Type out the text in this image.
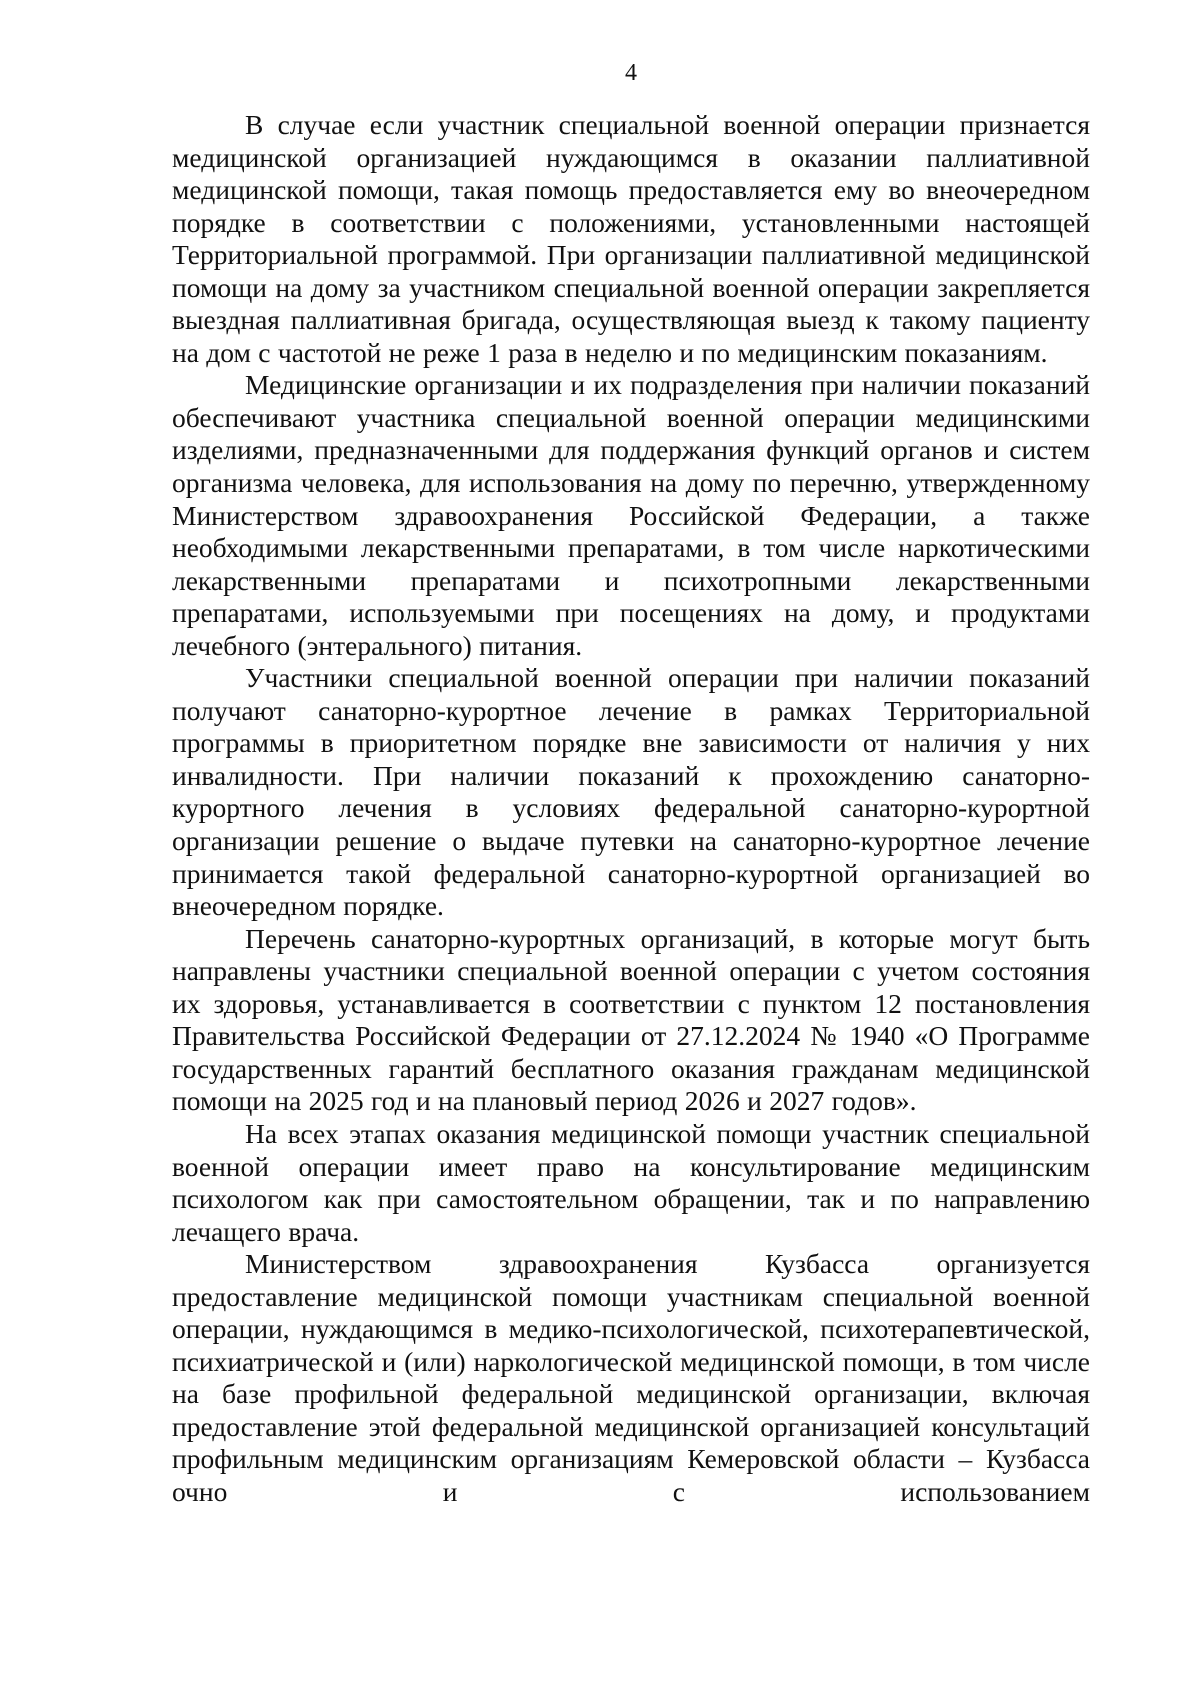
4

В случае если участник специальной военной операции признается медицинской организацией нуждающимся в оказании паллиативной медицинской помощи, такая помощь предоставляется ему во внеочередном порядке в соответствии с положениями, установленными настоящей Территориальной программой. При организации паллиативной медицинской помощи на дому за участником специальной военной операции закрепляется выездная паллиативная бригада, осуществляющая выезд к такому пациенту на дом с частотой не реже 1 раза в неделю и по медицинским показаниям.

Медицинские организации и их подразделения при наличии показаний обеспечивают участника специальной военной операции медицинскими изделиями, предназначенными для поддержания функций органов и систем организма человека, для использования на дому по перечню, утвержденному Министерством здравоохранения Российской Федерации, а также необходимыми лекарственными препаратами, в том числе наркотическими лекарственными препаратами и психотропными лекарственными препаратами, используемыми при посещениях на дому, и продуктами лечебного (энтерального) питания.

Участники специальной военной операции при наличии показаний получают санаторно-курортное лечение в рамках Территориальной программы в приоритетном порядке вне зависимости от наличия у них инвалидности. При наличии показаний к прохождению санаторно-курортного лечения в условиях федеральной санаторно-курортной организации решение о выдаче путевки на санаторно-курортное лечение принимается такой федеральной санаторно-курортной организацией во внеочередном порядке.

Перечень санаторно-курортных организаций, в которые могут быть направлены участники специальной военной операции с учетом состояния их здоровья, устанавливается в соответствии с пунктом 12 постановления Правительства Российской Федерации от 27.12.2024 № 1940 «О Программе государственных гарантий бесплатного оказания гражданам медицинской помощи на 2025 год и на плановый период 2026 и 2027 годов».

На всех этапах оказания медицинской помощи участник специальной военной операции имеет право на консультирование медицинским психологом как при самостоятельном обращении, так и по направлению лечащего врача.

Министерством здравоохранения Кузбасса организуется предоставление медицинской помощи участникам специальной военной операции, нуждающимся в медико-психологической, психотерапевтической, психиатрической и (или) наркологической медицинской помощи, в том числе на базе профильной федеральной медицинской организации, включая предоставление этой федеральной медицинской организацией консультаций профильным медицинским организациям Кемеровской области – Кузбасса очно и с использованием
